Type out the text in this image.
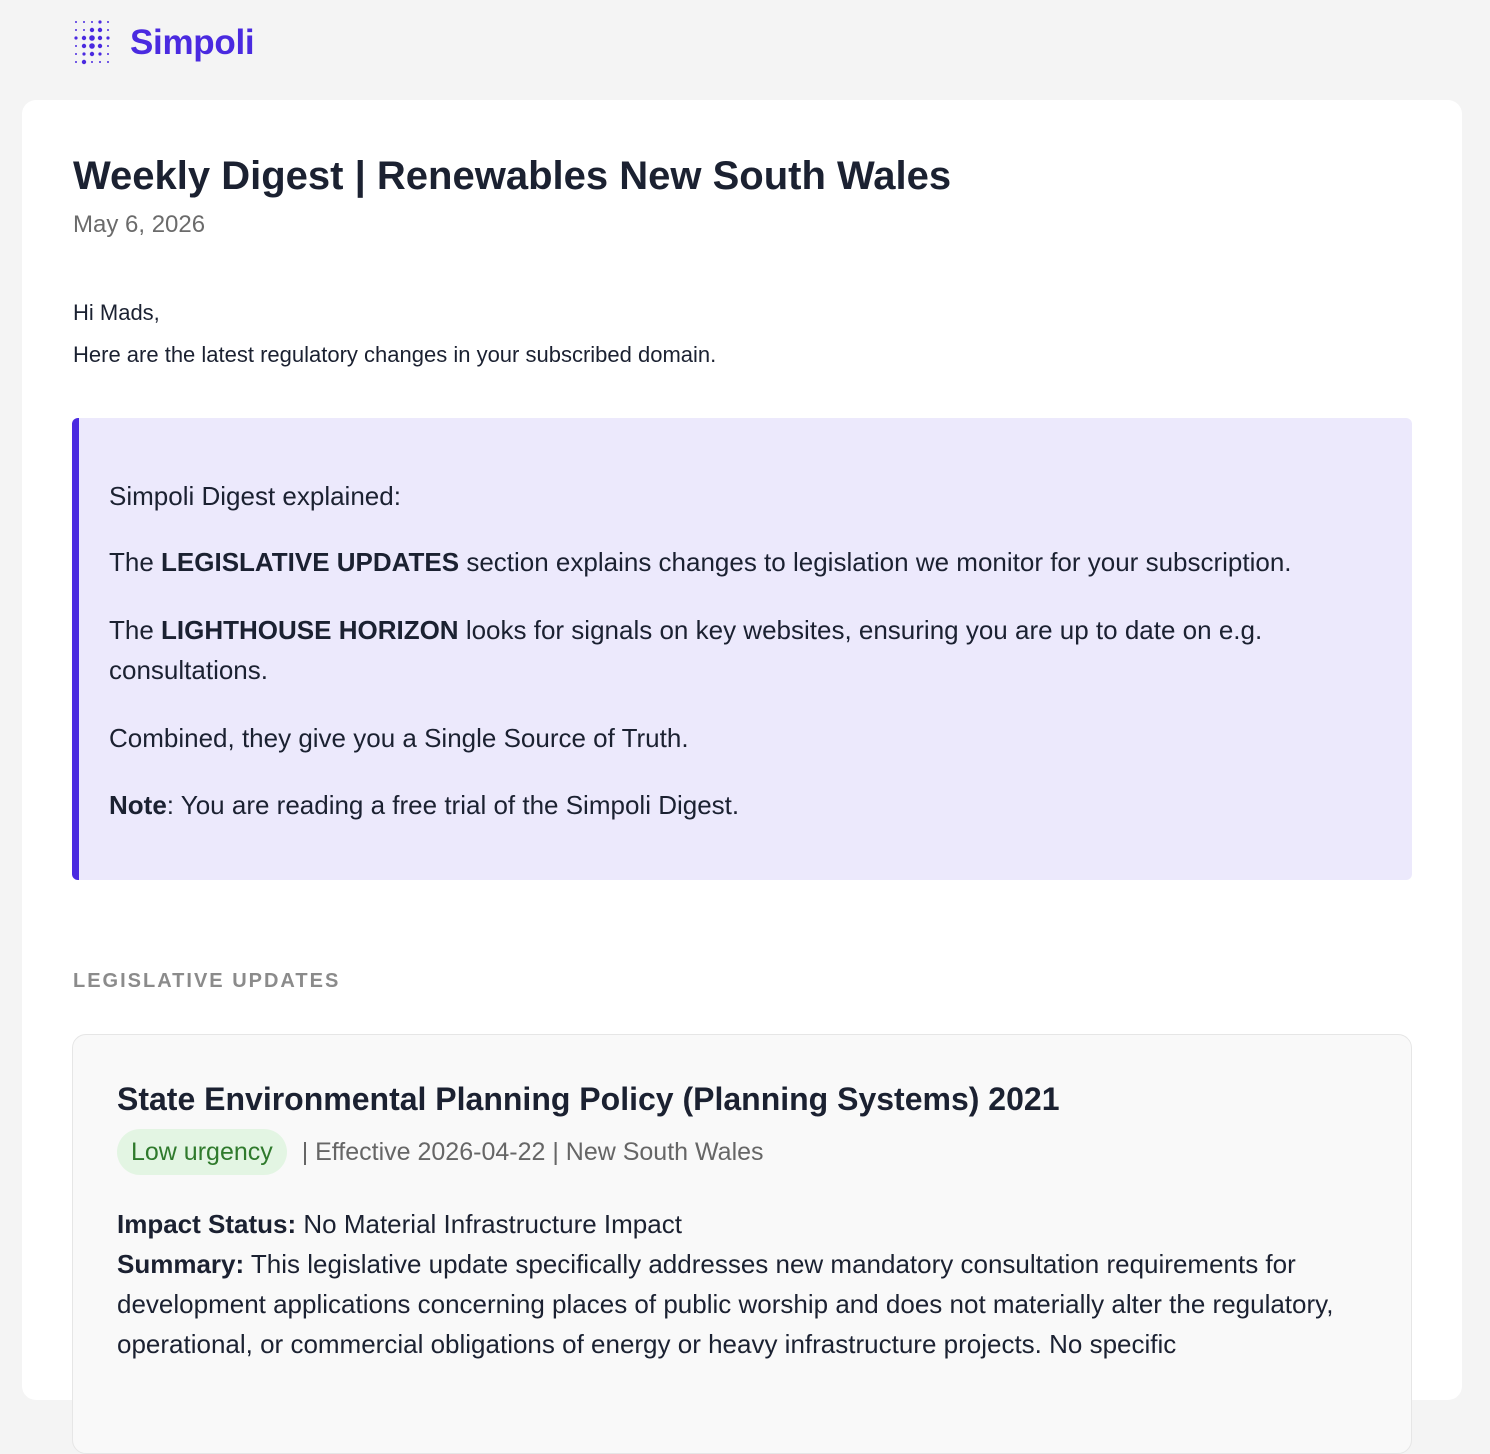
Simpoli
Weekly Digest | Renewables New South Wales
May 6, 2026
Hi Mads,
Here are the latest regulatory changes in your subscribed domain.

Simpoli Digest explained:

The LEGISLATIVE UPDATES section explains changes to legislation we monitor for your subscription.

The LIGHTHOUSE HORIZON looks for signals on key websites, ensuring you are up to date on e.g. consultations.

Combined, they give you a Single Source of Truth.

Note: You are reading a free trial of the Simpoli Digest.

LEGISLATIVE UPDATES
State Environmental Planning Policy (Planning Systems) 2021
Low urgency | Effective 2026-04-22 | New South Wales
Impact Status: No Material Infrastructure Impact
Summary: This legislative update specifically addresses new mandatory consultation requirements for development applications concerning places of public worship and does not materially alter the regulatory, operational, or commercial obligations of energy or heavy infrastructure projects. No specific
